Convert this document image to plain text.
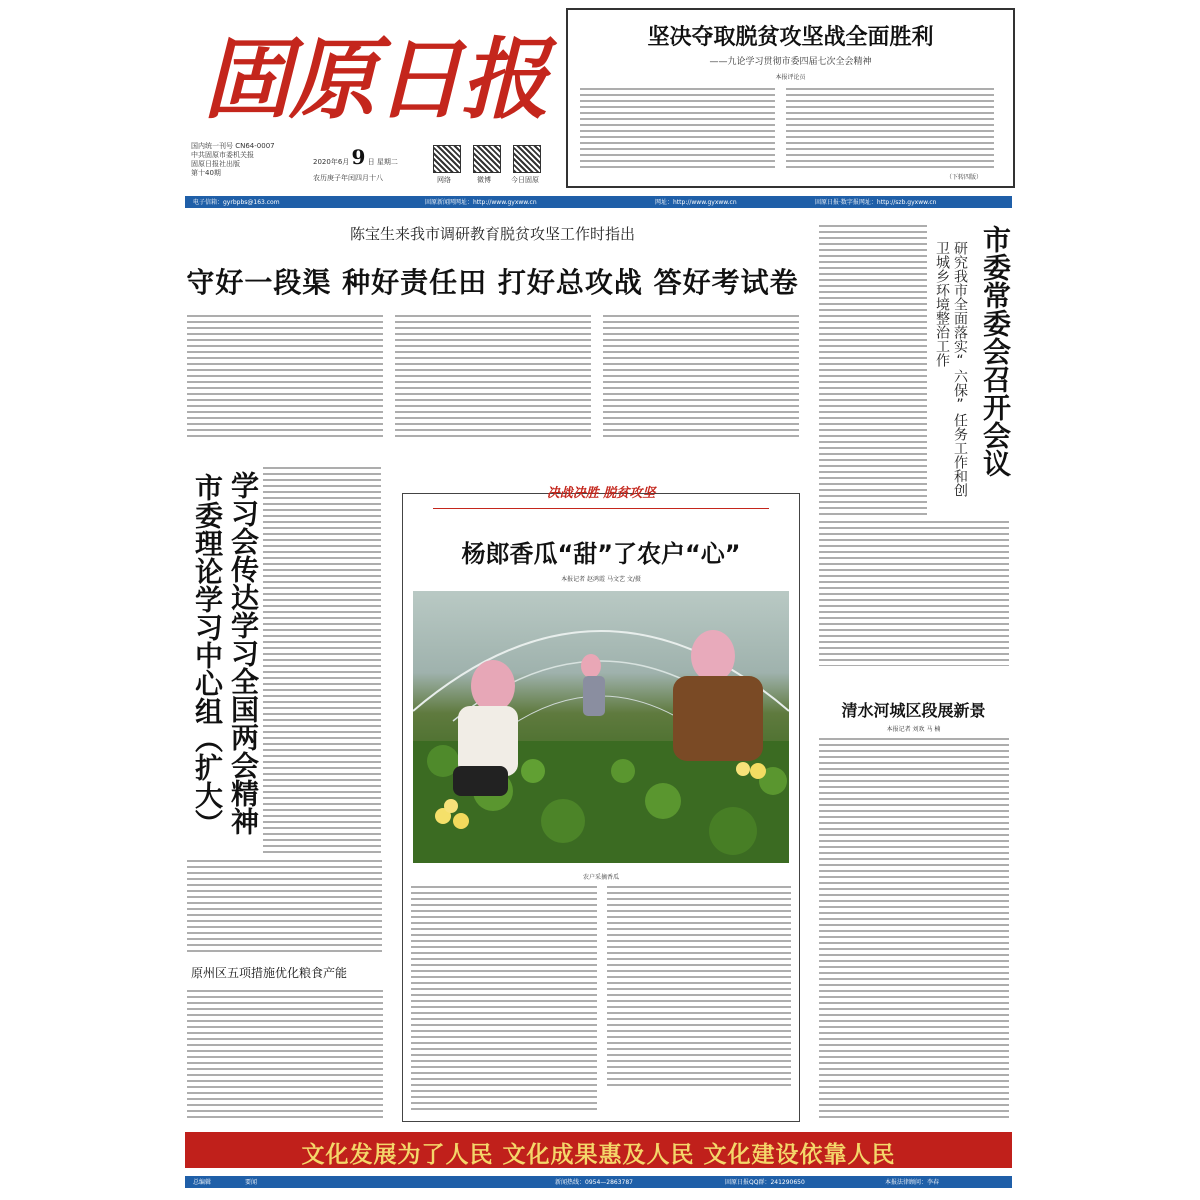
固原日报
国内统一刊号 CN64-0007
中共固原市委机关报
固原日报社出版
第十40期
2020年6月 9 日 星期二
农历庚子年闰四月十八	网络	微博	今日固原
坚决夺取脱贫攻坚战全面胜利
——九论学习贯彻市委四届七次全会精神
本报评论员
（下转四版）
电子信箱：gyrbpbs@163.com	固原新闻网网址：http://www.gyxww.cn	网址：http://www.gyxww.cn	固原日报·数字报网址：http://szb.gyxww.cn
陈宝生来我市调研教育脱贫攻坚工作时指出
守好一段渠 种好责任田 打好总攻战 答好考试卷	市委常委会召开会议
研究我市全面落实“六保”任务工作和创卫城乡环境整治工作
市委理论学习中心组（扩大） 学习会传达学习全国两会精神	决战决胜 脱贫攻坚
杨郎香瓜“甜”了农户“心”
本报记者 赵鸿霞 马文艺 文/摄
农户采摘香瓜
原州区五项措施优化粮食产能
清水河城区段展新景
本报记者 刘欢 马 楠
文化发展为了人民 文化成果惠及人民 文化建设依靠人民
总编辑	要闻	新闻热线：0954—2863787	固原日报QQ群：241290650	本报法律顾问：李春
